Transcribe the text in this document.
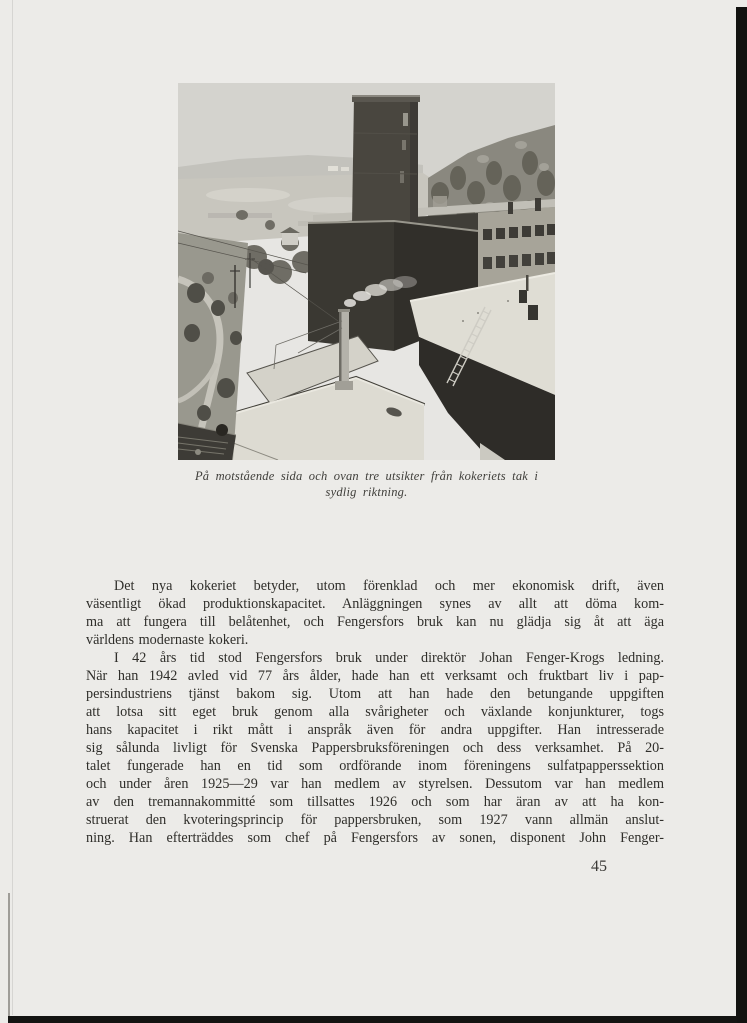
På motstående sida och ovan tre utsikter från kokeriets tak i sydlig riktning.
Det nya kokeriet betyder, utom förenklad och mer ekonomisk drift, även
väsentligt ökad produktionskapacitet. Anläggningen synes av allt att döma kom-
ma att fungera till belåtenhet, och Fengersfors bruk kan nu glädja sig åt att äga
världens modernaste kokeri.
I 42 års tid stod Fengersfors bruk under direktör Johan Fenger-Krogs ledning.
När han 1942 avled vid 77 års ålder, hade han ett verksamt och fruktbart liv i pap-
persindustriens tjänst bakom sig. Utom att han hade den betungande uppgiften
att lotsa sitt eget bruk genom alla svårigheter och växlande konjunkturer, togs
hans kapacitet i rikt mått i anspråk även för andra uppgifter. Han intresserade
sig sålunda livligt för Svenska Pappersbruksföreningen och dess verksamhet. På 20-
talet fungerade han en tid som ordförande inom föreningens sulfatpapperssektion
och under åren 1925—29 var han medlem av styrelsen. Dessutom var han medlem
av den tremannakommitté som tillsattes 1926 och som har äran av att ha kon-
struerat den kvoteringsprincip för pappersbruken, som 1927 vann allmän anslut-
ning. Han efterträddes som chef på Fengersfors av sonen, disponent John Fenger-
45
